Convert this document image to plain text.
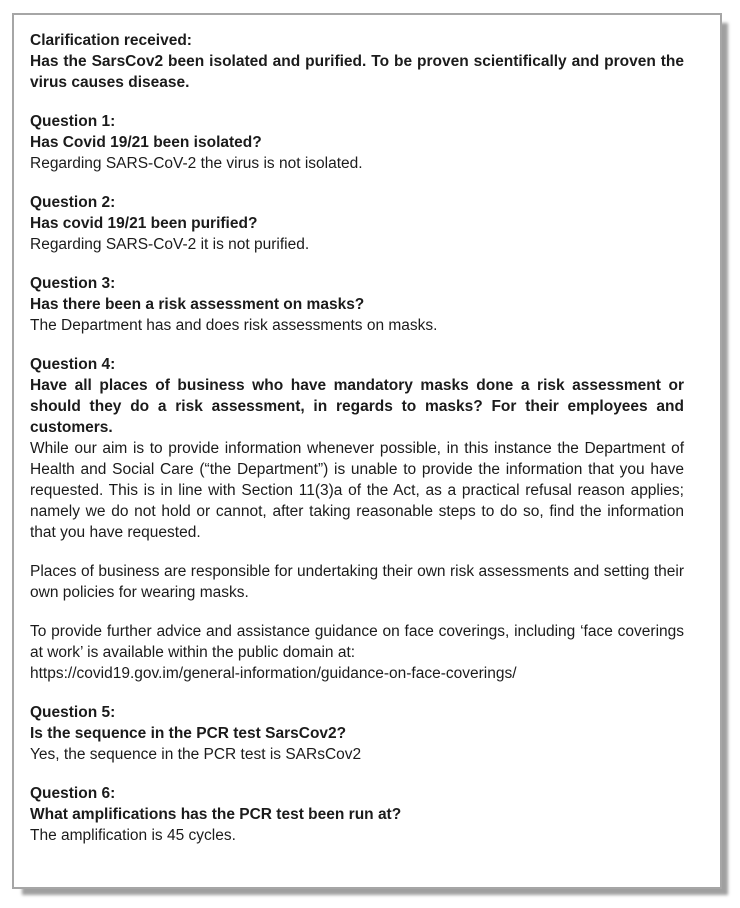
Clarification received:

Has the SarsCov2 been isolated and purified. To be proven scientifically and proven the virus causes disease.

Question 1:

Has Covid 19/21 been isolated?

Regarding SARS-CoV-2 the virus is not isolated.

Question 2:

Has covid 19/21 been purified?

Regarding SARS-CoV-2 it is not purified.

Question 3:

Has there been a risk assessment on masks?

The Department has and does risk assessments on masks.

Question 4:

Have all places of business who have mandatory masks done a risk assessment or should they do a risk assessment, in regards to masks? For their employees and customers.

While our aim is to provide information whenever possible, in this instance the Department of Health and Social Care (“the Department”) is unable to provide the information that you have requested. This is in line with Section 11(3)a of the Act, as a practical refusal reason applies; namely we do not hold or cannot, after taking reasonable steps to do so, find the information that you have requested.

Places of business are responsible for undertaking their own risk assessments and setting their own policies for wearing masks.

To provide further advice and assistance guidance on face coverings, including ‘face coverings at work’ is available within the public domain at:

https://covid19.gov.im/general-information/guidance-on-face-coverings/

Question 5:

Is the sequence in the PCR test SarsCov2?

Yes, the sequence in the PCR test is SARsCov2

Question 6:

What amplifications has the PCR test been run at?

The amplification is 45 cycles.
